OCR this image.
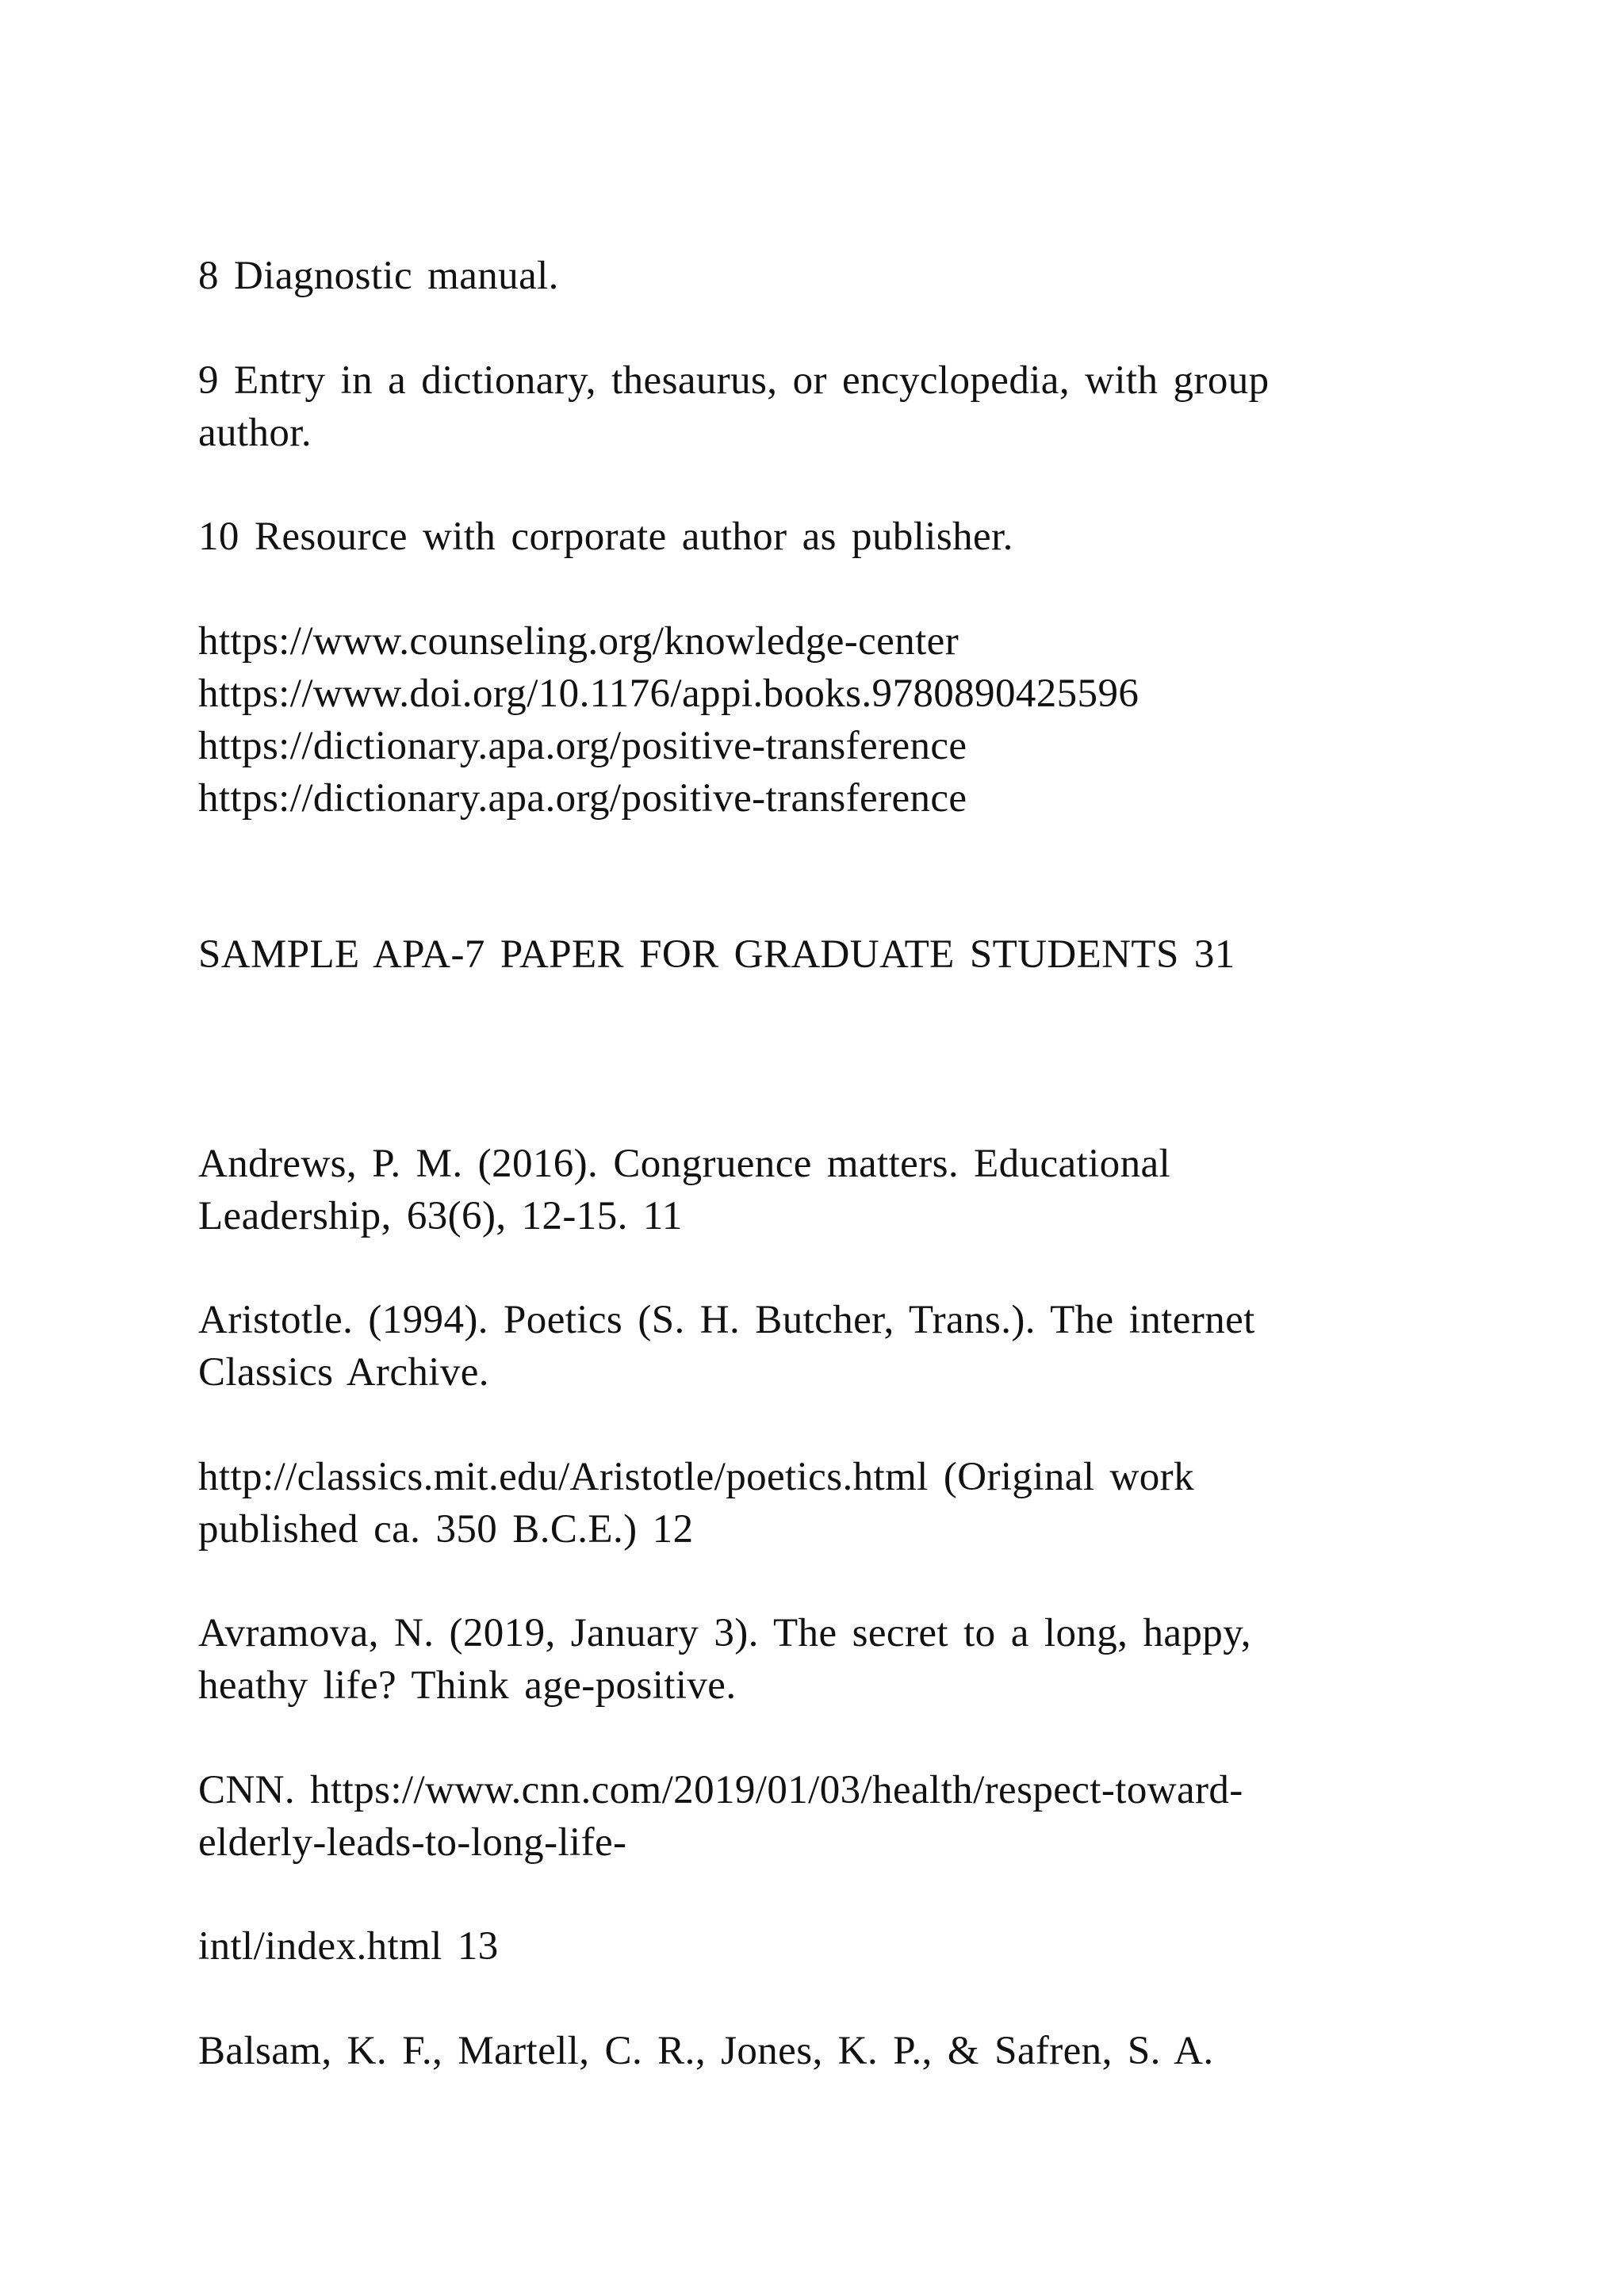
8 Diagnostic manual.

9 Entry in a dictionary, thesaurus, or encyclopedia, with group

author.

10 Resource with corporate author as publisher.

https://www.counseling.org/knowledge-center

https://www.doi.org/10.1176/appi.books.9780890425596

https://dictionary.apa.org/positive-transference

https://dictionary.apa.org/positive-transference

SAMPLE APA-7 PAPER FOR GRADUATE STUDENTS 31

Andrews, P. M. (2016). Congruence matters. Educational

Leadership, 63(6), 12-15. 11

Aristotle. (1994). Poetics (S. H. Butcher, Trans.). The internet

Classics Archive.

http://classics.mit.edu/Aristotle/poetics.html (Original work

published ca. 350 B.C.E.) 12

Avramova, N. (2019, January 3). The secret to a long, happy,

heathy life? Think age-positive.

CNN. https://www.cnn.com/2019/01/03/health/respect-toward-

elderly-leads-to-long-life-

intl/index.html 13

Balsam, K. F., Martell, C. R., Jones, K. P., & Safren, S. A.
